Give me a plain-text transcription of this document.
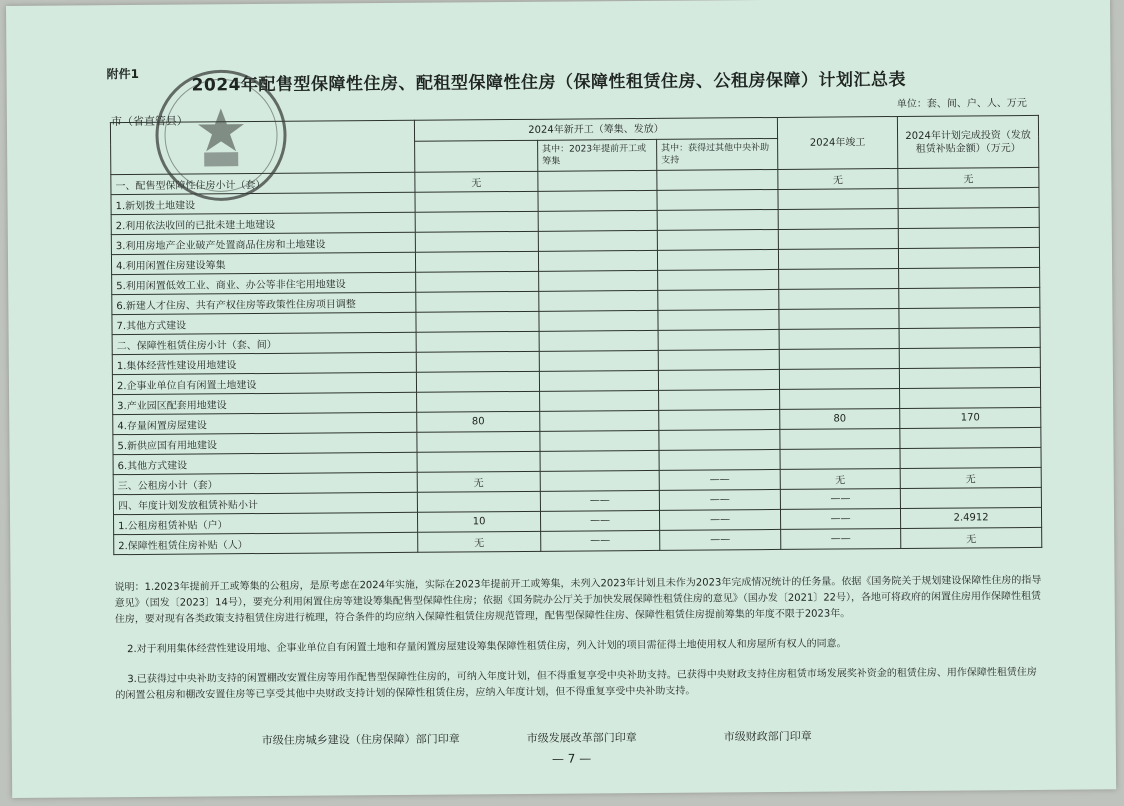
附件1	2024年配售型保障性住房、配租型保障性住房（保障性租赁住房、公租房保障）计划汇总表
单位：套、间、户、人、万元
市（省直管县）
	2024年新开工（筹集、发放）			2024年竣工	2024年计划完成投资（发放租赁补贴金额）（万元）
		其中：2023年提前开工或筹集	其中：获得过其他中央补助支持		
一、配售型保障性住房小计（套）	无			无	无
1.新划拨土地建设					
2.利用依法收回的已批未建土地建设					
3.利用房地产企业破产处置商品住房和土地建设					
4.利用闲置住房建设筹集					
5.利用闲置低效工业、商业、办公等非住宅用地建设					
6.新建人才住房、共有产权住房等政策性住房项目调整					
7.其他方式建设					
二、保障性租赁住房小计（套、间）					
1.集体经营性建设用地建设					
2.企事业单位自有闲置土地建设					
3.产业园区配套用地建设					
4.存量闲置房屋建设	80			80	170
5.新供应国有用地建设					
6.其他方式建设					
三、公租房小计（套）	无		——	无	无
四、年度计划发放租赁补贴小计		——	——	——	
1.公租房租赁补贴（户）	10	——	——	——	2.4912
2.保障性租赁住房补贴（人）	无	——	——	——	无

说明：1.2023年提前开工或筹集的公租房，是原考虑在2024年实施，实际在2023年提前开工或筹集，未列入2023年计划且未作为2023年完成情况统计的任务量。依据《国务院关于规划建设保障性住房的指导意见》（国发〔2023〕14号），要充分利用闲置住房等建设筹集配售型保障性住房；依据《国务院办公厅关于加快发展保障性租赁住房的意见》（国办发〔2021〕22号），各地可将政府的闲置住房用作保障性租赁住房，要对现有各类政策支持租赁住房进行梳理，符合条件的均应纳入保障性租赁住房规范管理，配售型保障性住房、保障性租赁住房提前筹集的年度不限于2023年。

2.对于利用集体经营性建设用地、企事业单位自有闲置土地和存量闲置房屋建设筹集保障性租赁住房，列入计划的项目需征得土地使用权人和房屋所有权人的同意。

3.已获得过中央补助支持的闲置棚改安置住房等用作配售型保障性住房的，可纳入年度计划，但不得重复享受中央补助支持。已获得中央财政支持住房租赁市场发展奖补资金的租赁住房、用作保障性租赁住房的闲置公租房和棚改安置住房等已享受其他中央财政支持计划的保障性租赁住房，应纳入年度计划，但不得重复享受中央补助支持。

市级住房城乡建设（住房保障）部门印章	市级发展改革部门印章	市级财政部门印章
— 7 —
